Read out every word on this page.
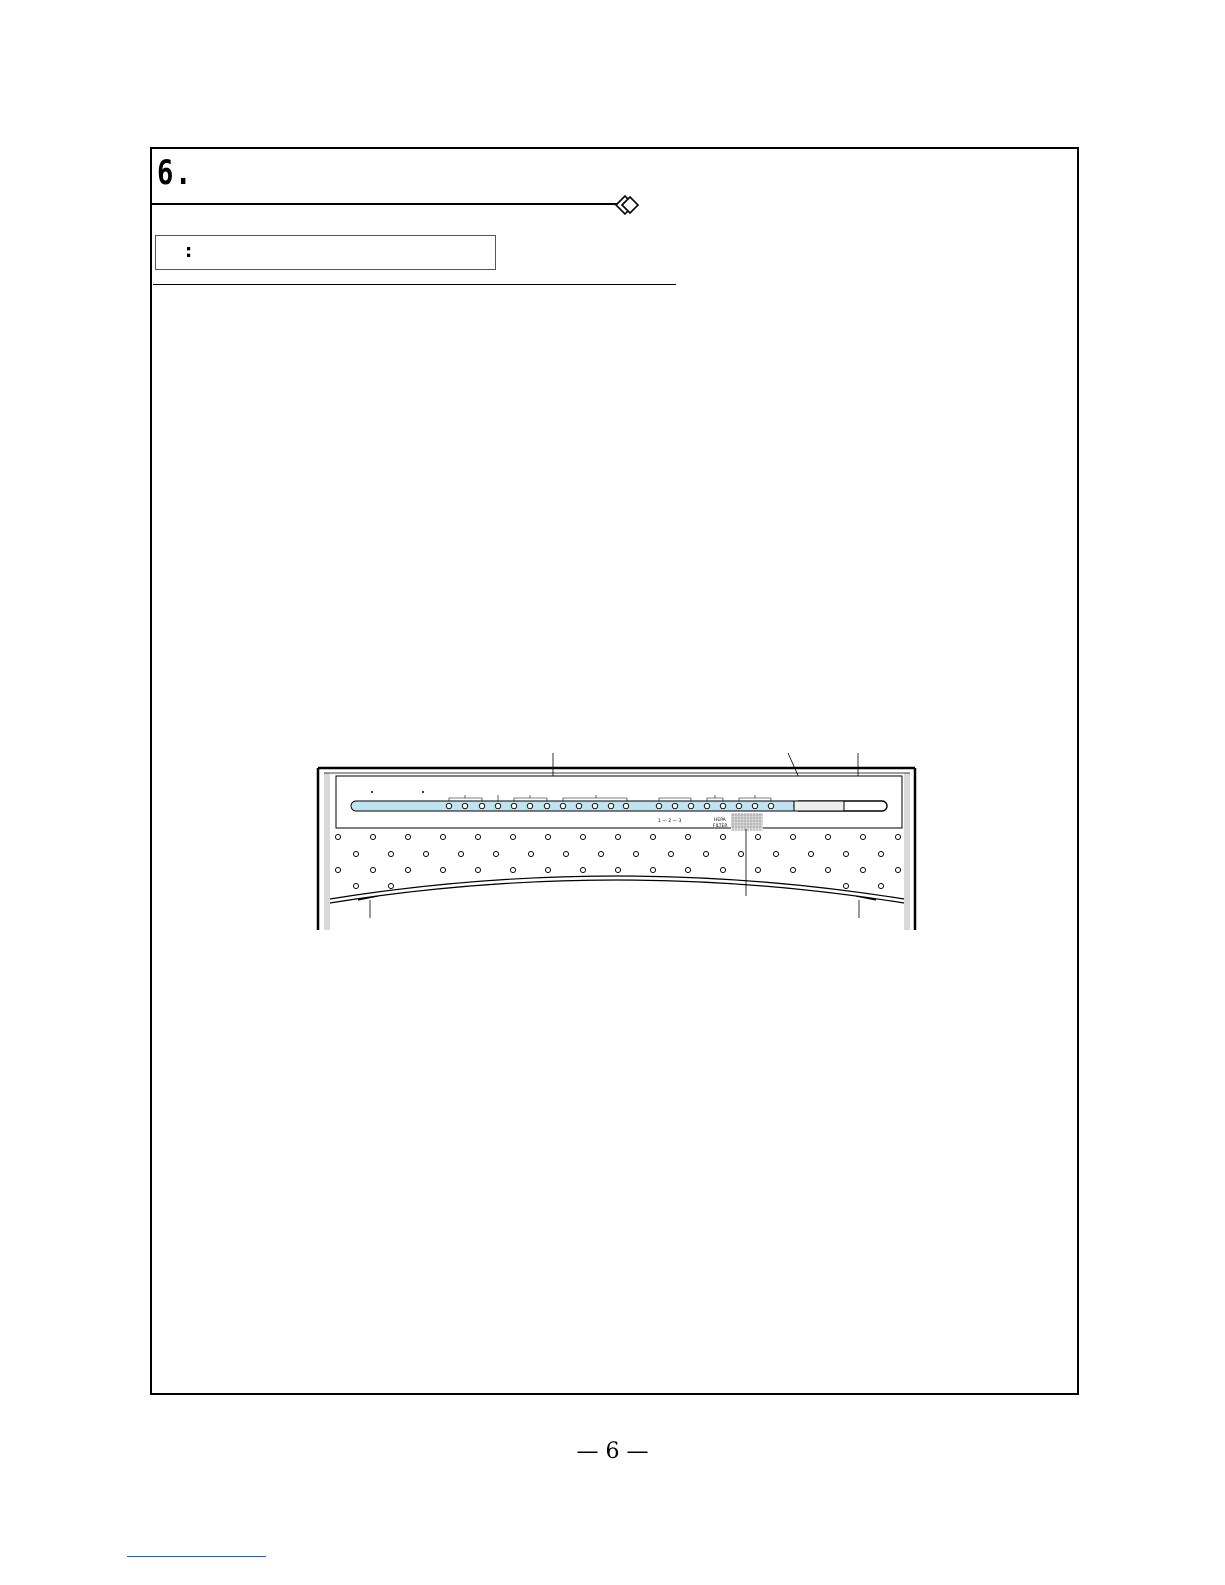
6.
:
1 — 2 — 3	HEPA
FILTER
— 6 —
